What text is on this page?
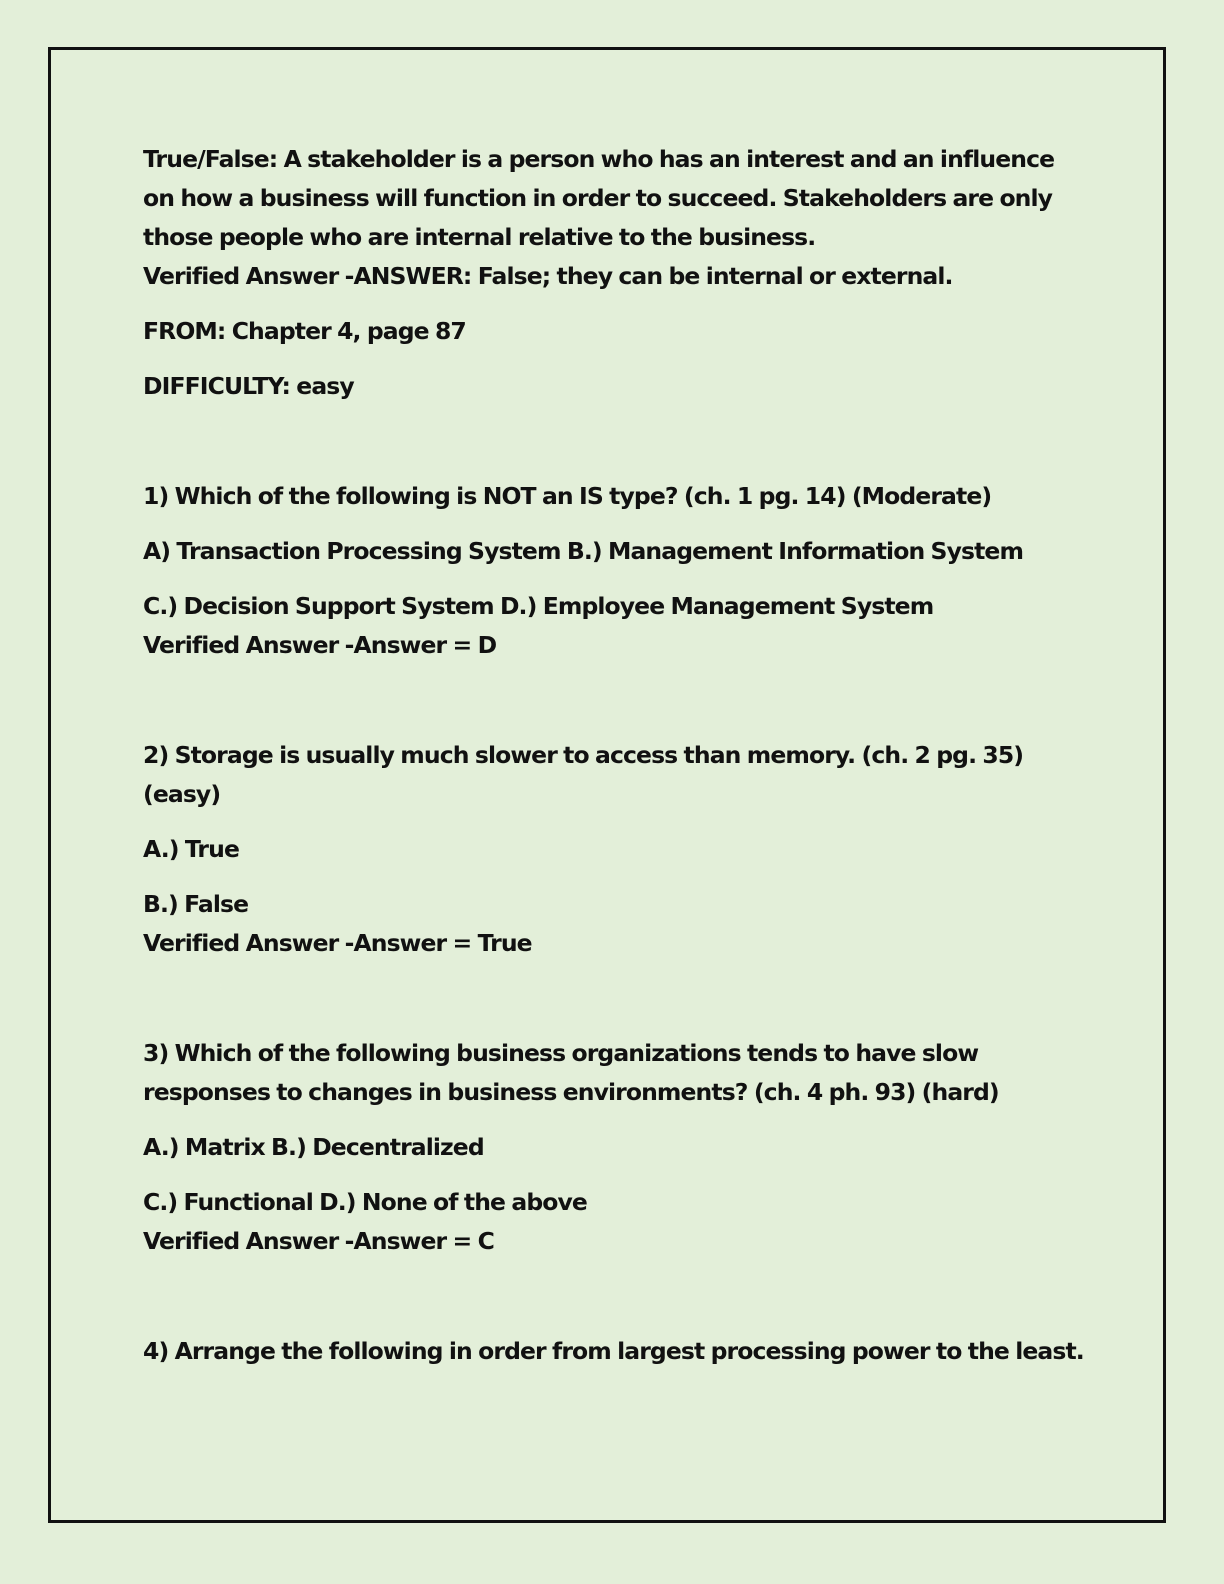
True/False: A stakeholder is a person who has an interest and an influence
on how a business will function in order to succeed. Stakeholders are only
those people who are internal relative to the business.
Verified Answer -ANSWER: False; they can be internal or external.
FROM: Chapter 4, page 87
DIFFICULTY: easy
1) Which of the following is NOT an IS type? (ch. 1 pg. 14) (Moderate)
A) Transaction Processing System B.) Management Information System
C.) Decision Support System D.) Employee Management System
Verified Answer -Answer = D
2) Storage is usually much slower to access than memory. (ch. 2 pg. 35)
(easy)
A.) True
B.) False
Verified Answer -Answer = True
3) Which of the following business organizations tends to have slow
responses to changes in business environments? (ch. 4 ph. 93) (hard)
A.) Matrix B.) Decentralized
C.) Functional D.) None of the above
Verified Answer -Answer = C
4) Arrange the following in order from largest processing power to the least.
